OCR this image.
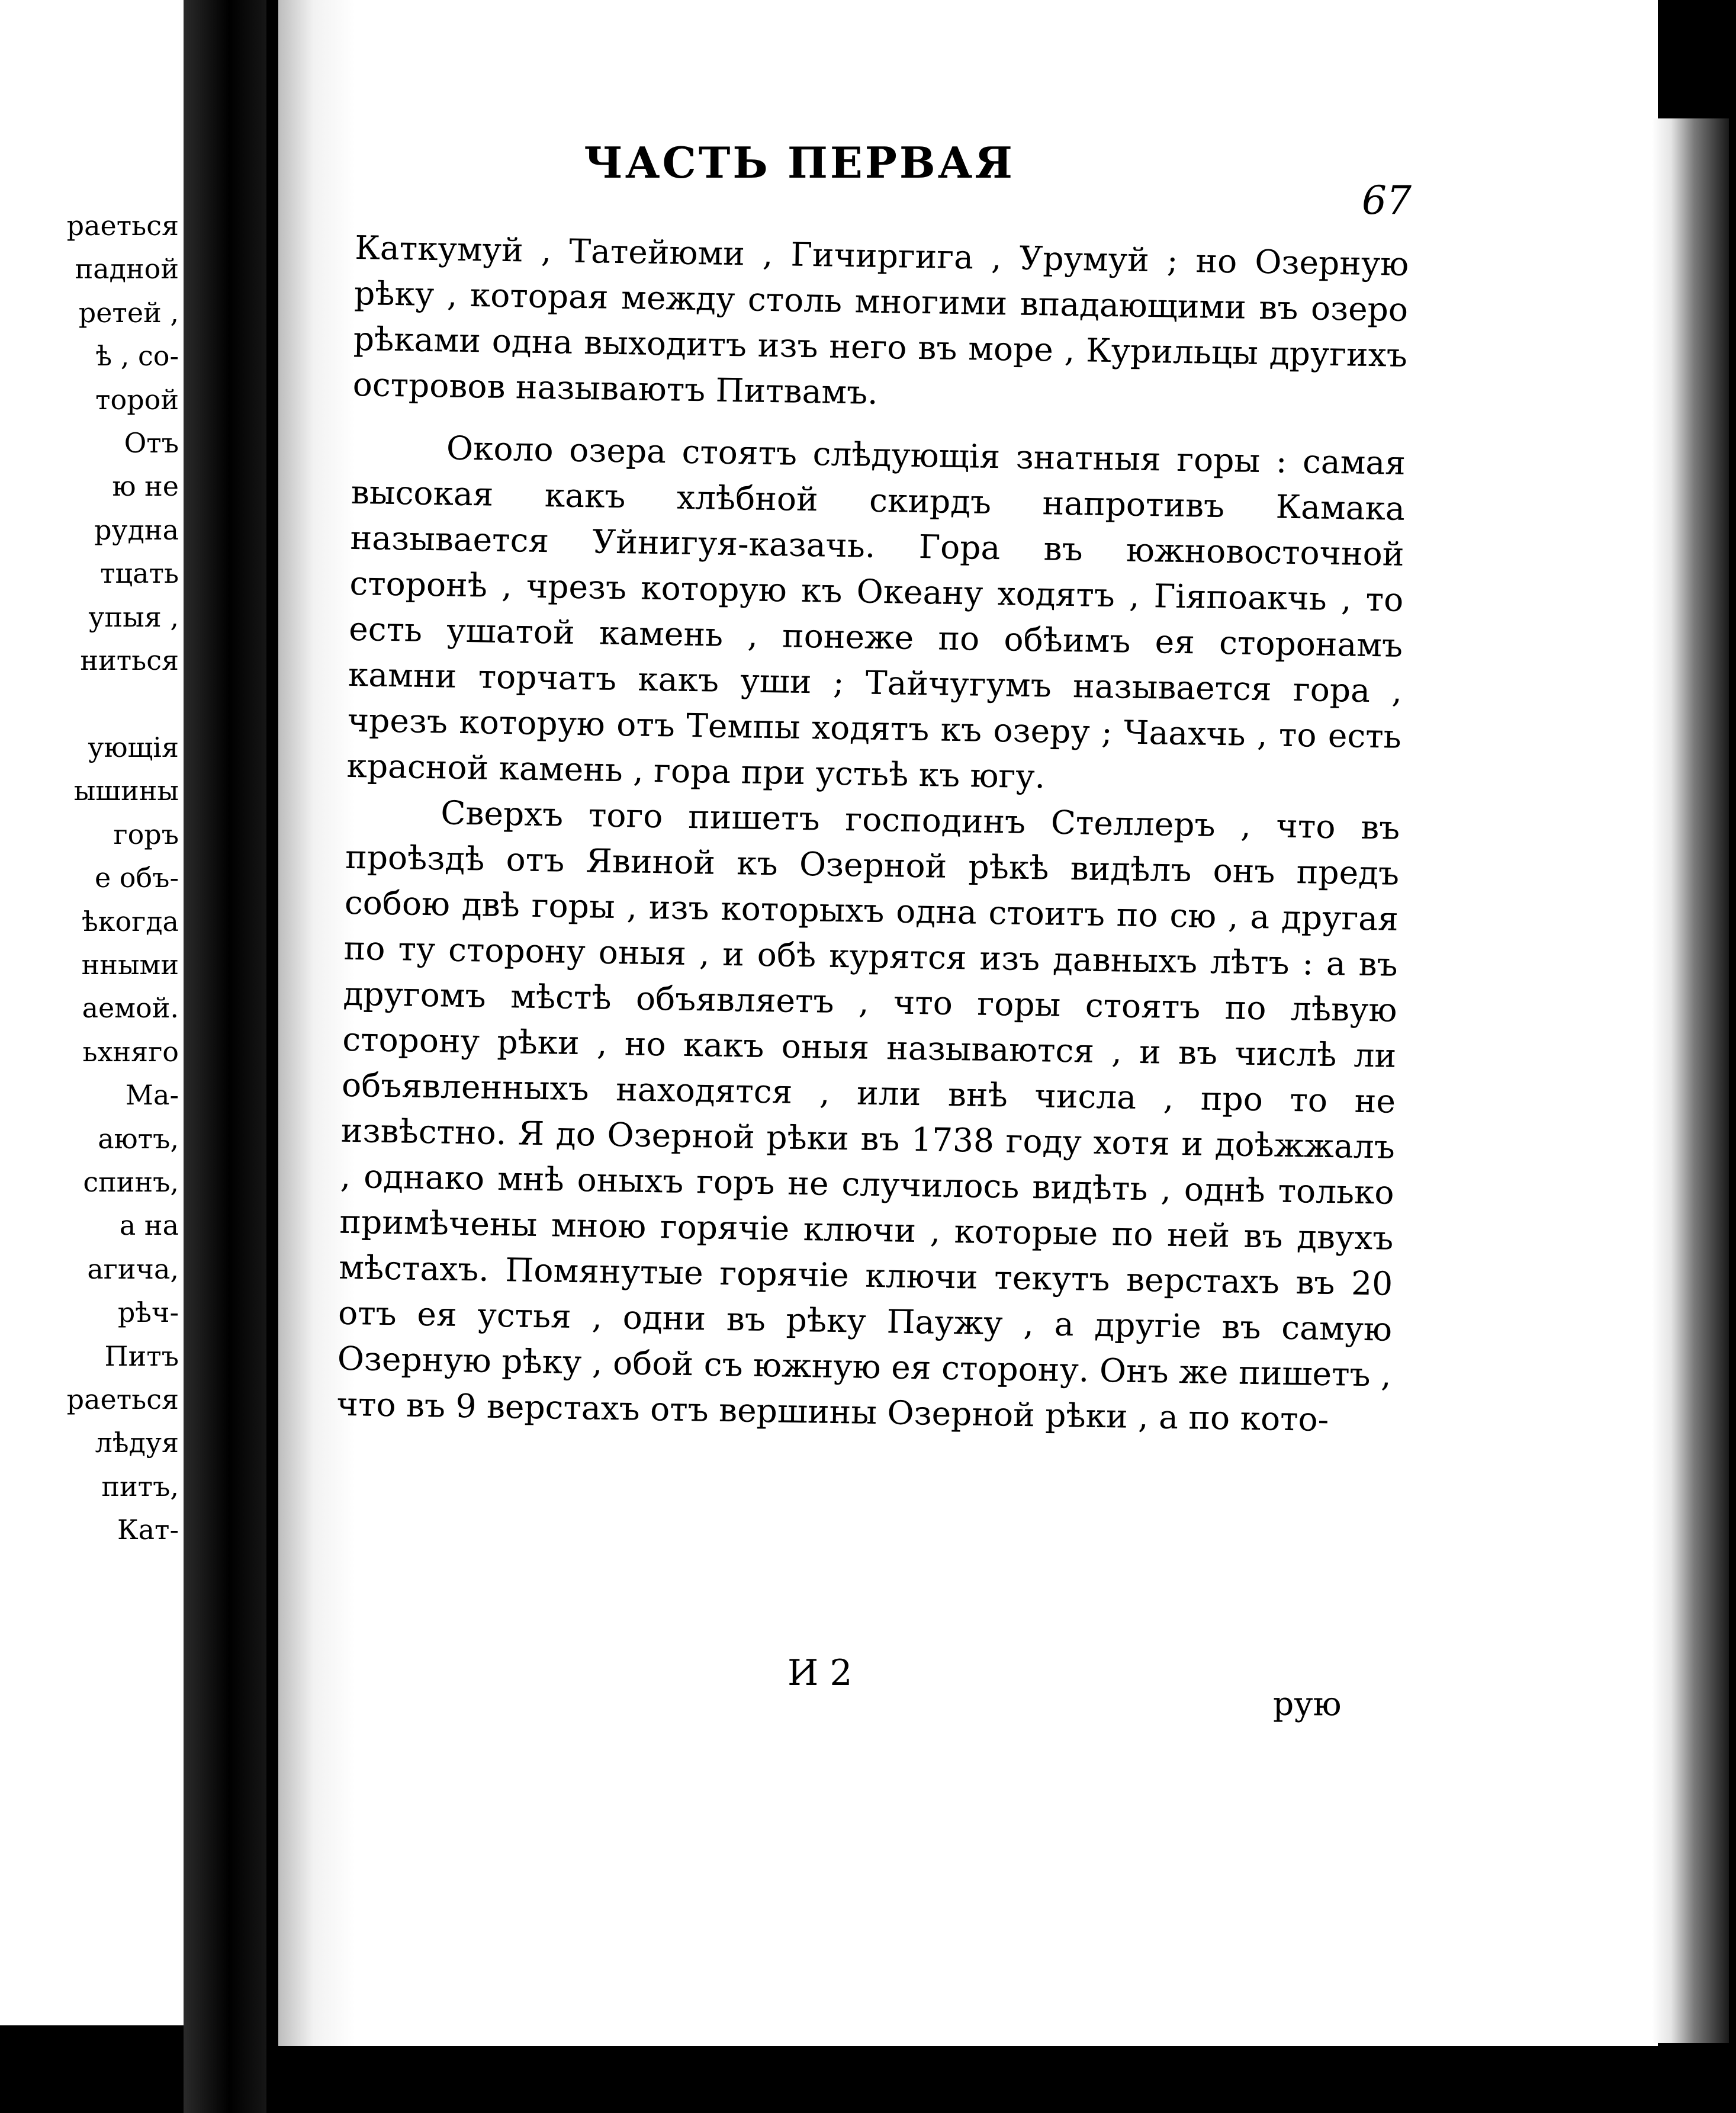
раеться
падной
ретей ,
ѣ , со-
торой
Отъ
ю не
рудна
тцать
упыя ,
ниться

ующія
ышины
горъ
е объ-
ѣкогда
нными
аемой.
ьхняго
Ма-
аютъ,
спинъ,
а на
агича,
рѣч-
Питъ
раеться
лѣдуя
питъ,
Кат-
ЧАСТЬ ПЕРВАЯ
67

Каткумуй , Татейюми , Гичиргига , Урумуй ; но Озерную рѣку , которая между столь многими впадающими въ озеро рѣками одна выходитъ изъ него въ море , Курильцы другихъ островов называютъ Питвамъ.

Около озера стоятъ слѣдующія знатныя горы : самая высокая какъ хлѣбной скирдъ напротивъ Камака называется Уйнигуя-казачь. Гора въ южновосточной сторонѣ , чрезъ которую къ Океану ходятъ , Гіяпоакчь , то есть ушатой камень , понеже по обѣимъ ея сторонамъ камни торчатъ какъ уши ; Тайчугумъ называется гора , чрезъ которую отъ Темпы ходятъ къ озеру ; Чаахчь , то есть красной камень , гора при устьѣ къ югу.

Сверхъ того пишетъ господинъ Стеллеръ , что въ проѣздѣ отъ Явиной къ Озерной рѣкѣ видѣлъ онъ предъ собою двѣ горы , изъ которыхъ одна стоитъ по сю , а другая по ту сторону оныя , и обѣ курятся изъ давныхъ лѣтъ : а въ другомъ мѣстѣ объявляетъ , что горы стоятъ по лѣвую сторону рѣки , но какъ оныя называются , и въ числѣ ли объявленныхъ находятся , или внѣ числа , про то не извѣстно. Я до Озерной рѣки въ 1738 году хотя и доѣжжалъ , однако мнѣ оныхъ горъ не случилось видѣть , однѣ только примѣчены мною горячіе ключи , которые по ней въ двухъ мѣстахъ. Помянутые горячіе ключи текутъ верстахъ въ 20 отъ ея устья , одни въ рѣку Паужу , а другіе въ самую Озерную рѣку , обой съ южную ея сторону. Онъ же пишетъ , что въ 9 верстахъ отъ вершины Озерной рѣки , а по кото-

И 2
рую
